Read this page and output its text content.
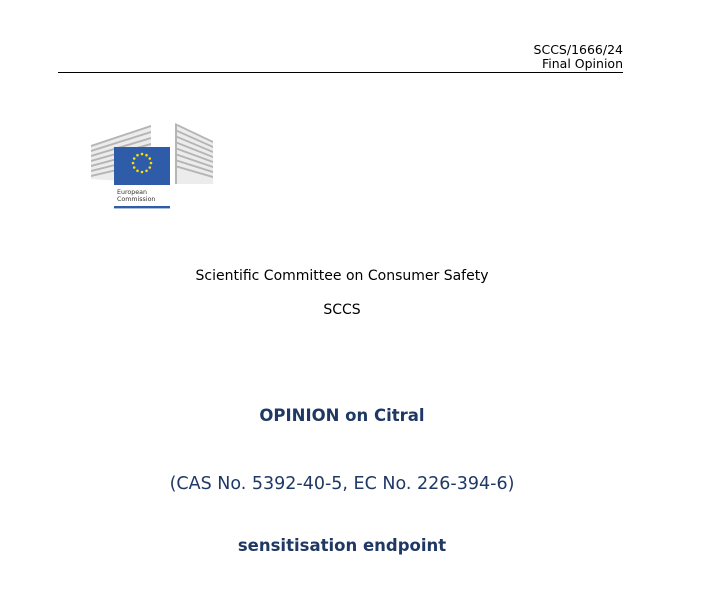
SCCS/1666/24
Final Opinion
European
Commission
Scientific Committee on Consumer Safety
SCCS
OPINION on Citral
(CAS No. 5392-40-5, EC No. 226-394-6)
sensitisation endpoint
